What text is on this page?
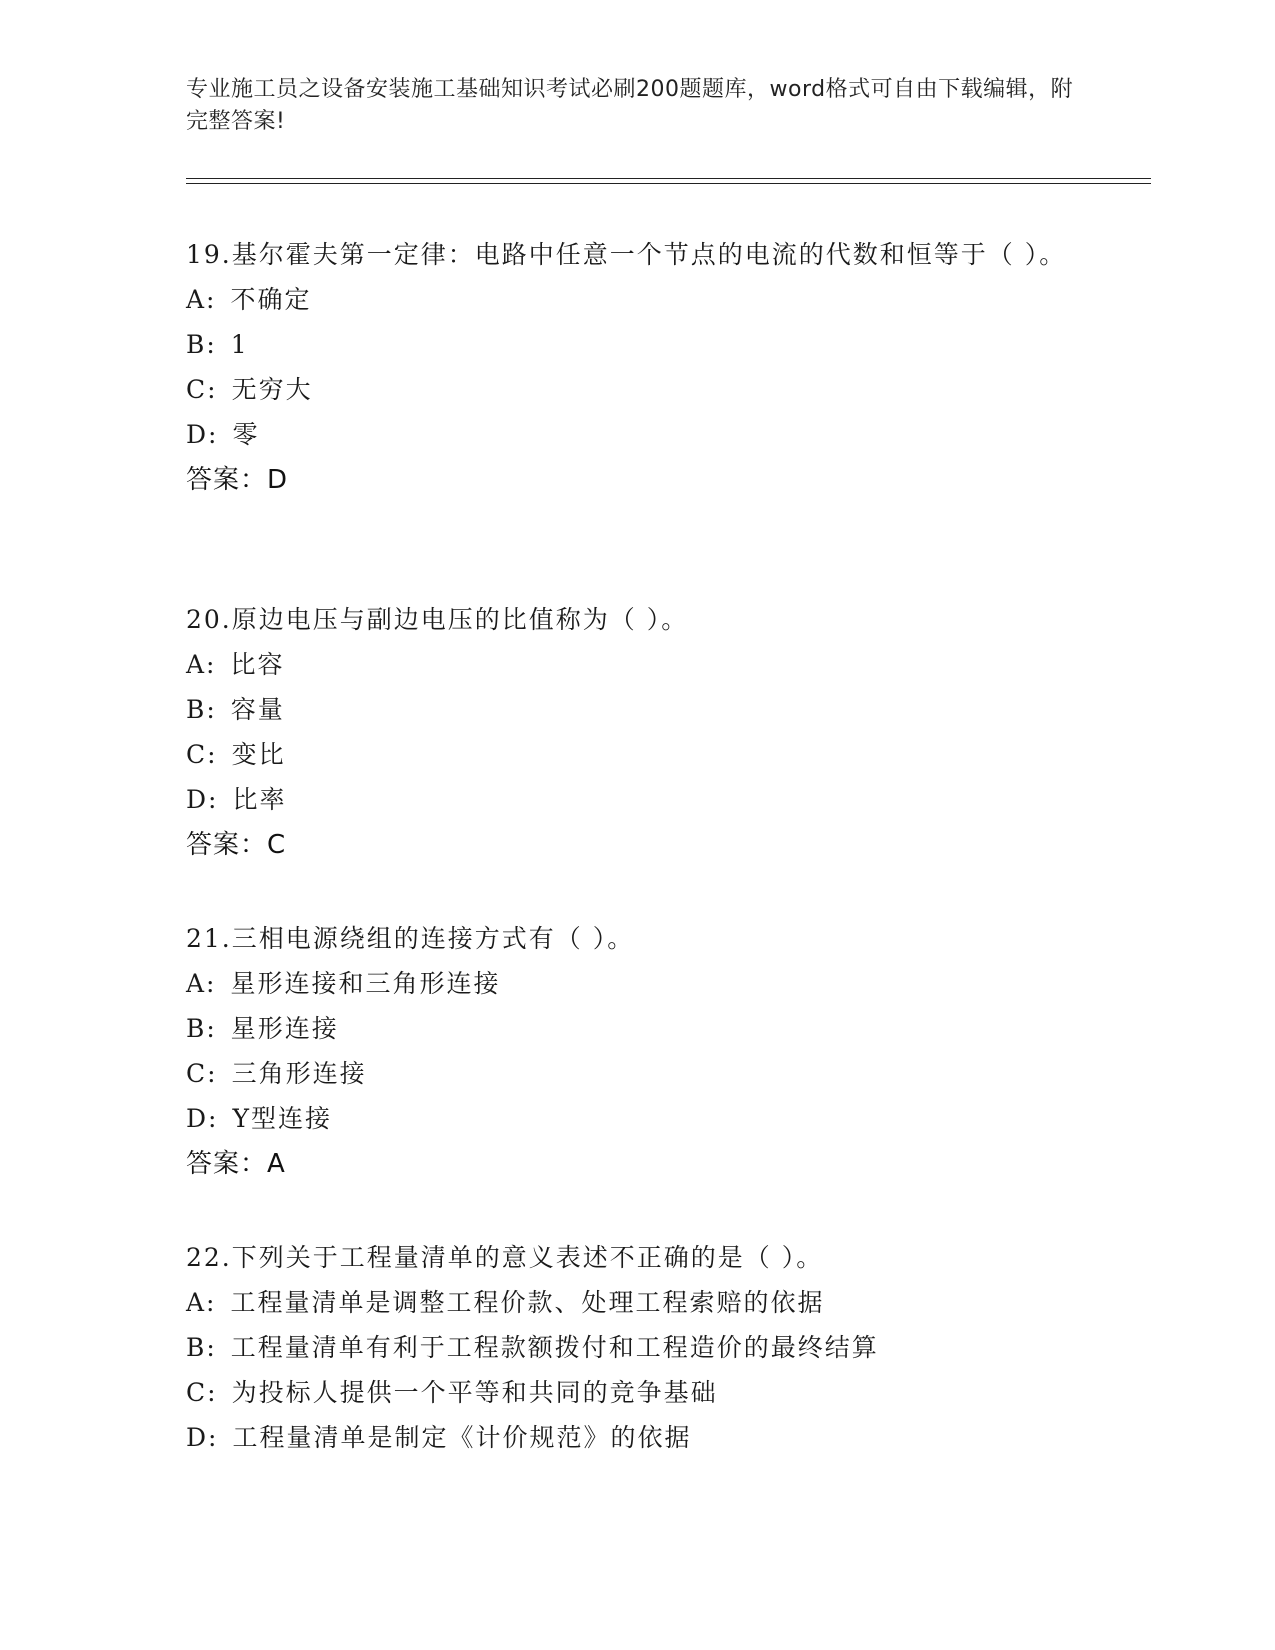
专业施工员之设备安装施工基础知识考试必刷200题题库，word格式可自由下载编辑，附完整答案!

19.基尔霍夫第一定律：电路中任意一个节点的电流的代数和恒等于（ ）。

A: 不确定

B: 1

C: 无穷大

D: 零

答案：D

20.原边电压与副边电压的比值称为（ ）。

A: 比容

B: 容量

C: 变比

D: 比率

答案：C

21.三相电源绕组的连接方式有（ ）。

A: 星形连接和三角形连接

B: 星形连接

C: 三角形连接

D: Y型连接

答案：A

22.下列关于工程量清单的意义表述不正确的是（ ）。

A: 工程量清单是调整工程价款、处理工程索赔的依据

B: 工程量清单有利于工程款额拨付和工程造价的最终结算

C: 为投标人提供一个平等和共同的竞争基础

D: 工程量清单是制定《计价规范》的依据
